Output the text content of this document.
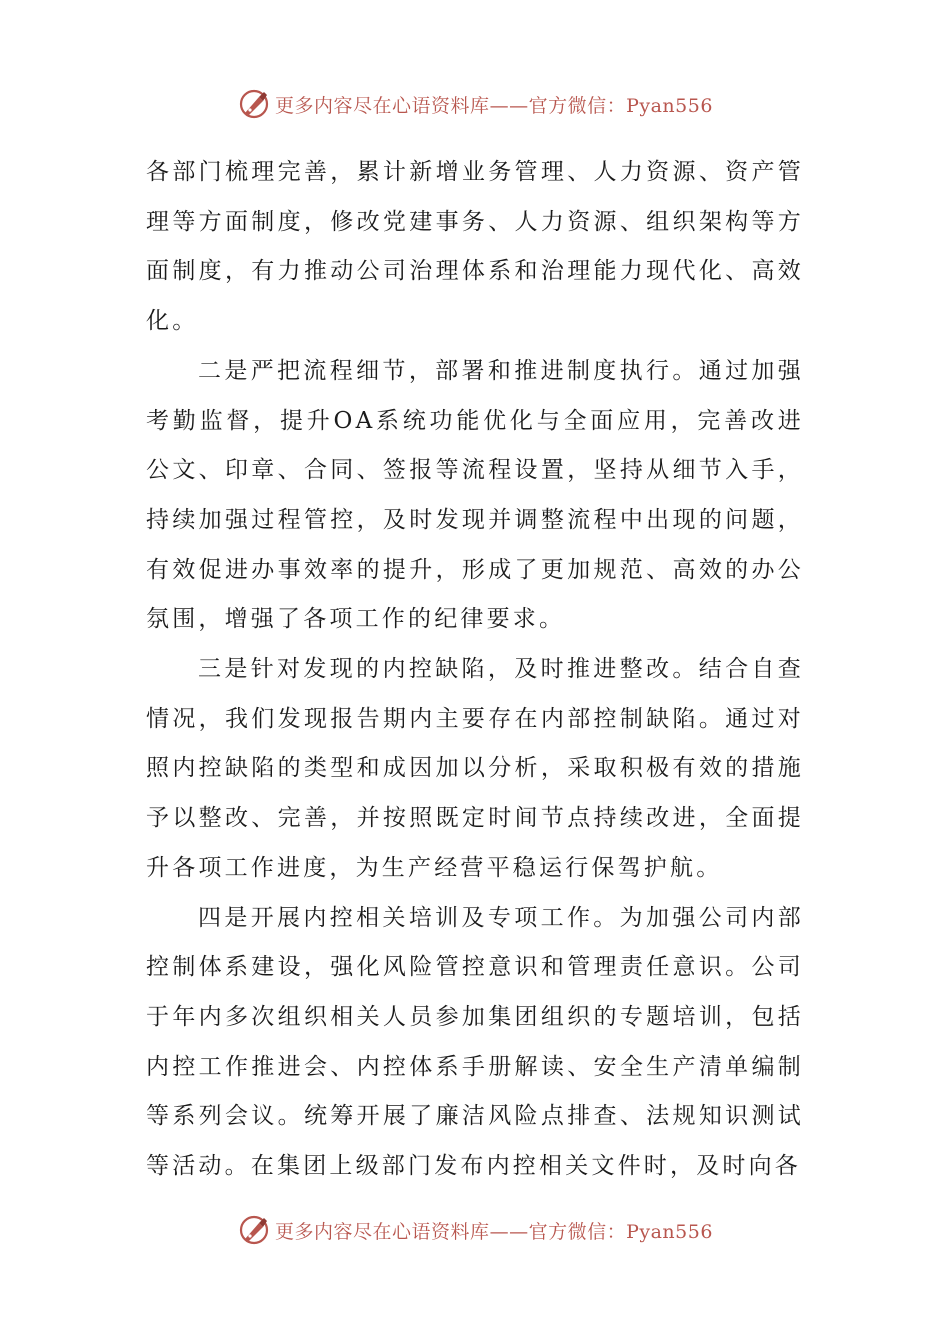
更多内容尽在心语资料库——官方微信：Pyan556

各部门梳理完善，累计新增业务管理、人力资源、资产管理等方面制度，修改党建事务、人力资源、组织架构等方面制度，有力推动公司治理体系和治理能力现代化、高效化。

二是严把流程细节，部署和推进制度执行。通过加强考勤监督，提升OA系统功能优化与全面应用，完善改进公文、印章、合同、签报等流程设置，坚持从细节入手，持续加强过程管控，及时发现并调整流程中出现的问题，有效促进办事效率的提升，形成了更加规范、高效的办公氛围，增强了各项工作的纪律要求。

三是针对发现的内控缺陷，及时推进整改。结合自查情况，我们发现报告期内主要存在内部控制缺陷。通过对照内控缺陷的类型和成因加以分析，采取积极有效的措施予以整改、完善，并按照既定时间节点持续改进，全面提升各项工作进度，为生产经营平稳运行保驾护航。

四是开展内控相关培训及专项工作。为加强公司内部控制体系建设，强化风险管控意识和管理责任意识。公司于年内多次组织相关人员参加集团组织的专题培训，包括内控工作推进会、内控体系手册解读、安全生产清单编制等系列会议。统筹开展了廉洁风险点排查、法规知识测试等活动。在集团上级部门发布内控相关文件时，及时向各

更多内容尽在心语资料库——官方微信：Pyan556
